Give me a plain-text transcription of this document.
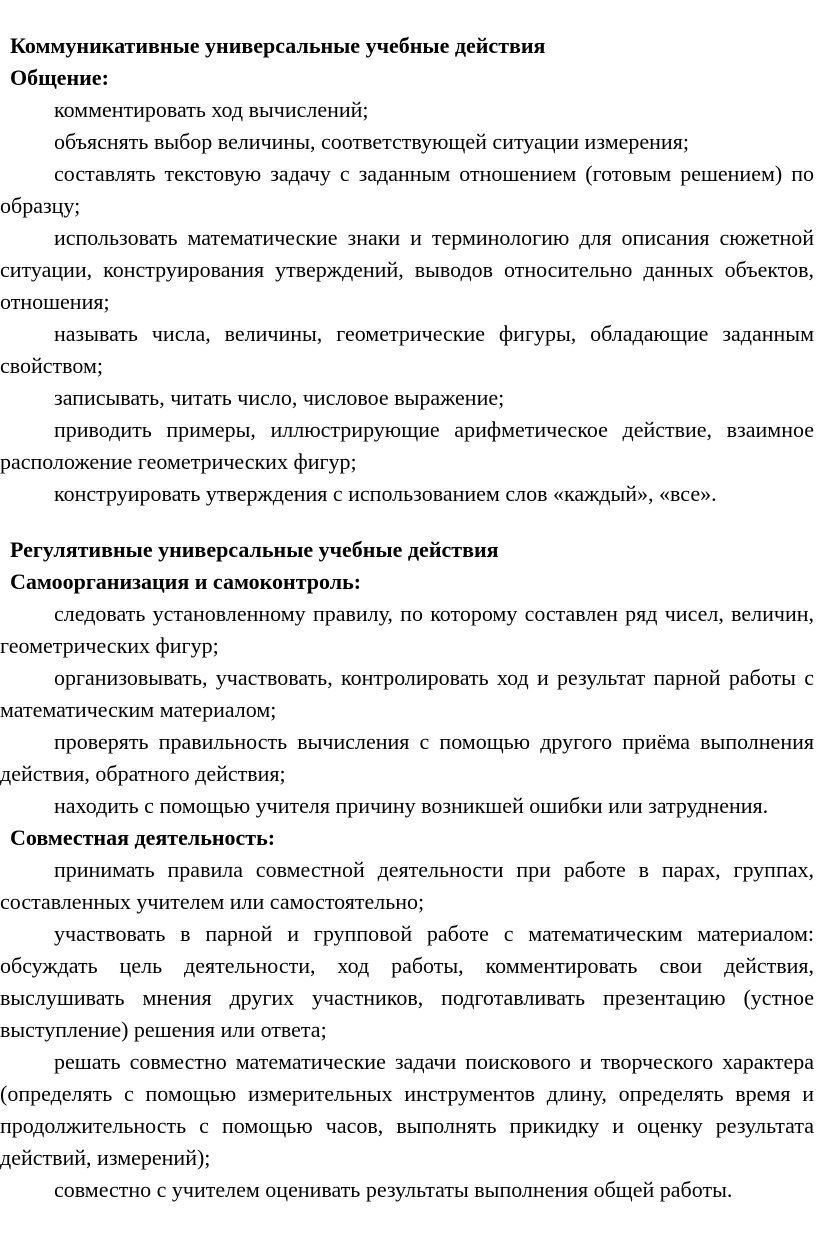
Коммуникативные универсальные учебные действия

Общение:

комментировать ход вычислений;

объяснять выбор величины, соответствующей ситуации измерения;

составлять текстовую задачу с заданным отношением (готовым решением) по образцу;

использовать математические знаки и терминологию для описания сюжетной ситуации, конструирования утверждений, выводов относительно данных объектов, отношения;

называть числа, величины, геометрические фигуры, обладающие заданным свойством;

записывать, читать число, числовое выражение;

приводить примеры, иллюстрирующие арифметическое действие, взаимное расположение геометрических фигур;

конструировать утверждения с использованием слов «каждый», «все».

Регулятивные универсальные учебные действия

Самоорганизация и самоконтроль:

следовать установленному правилу, по которому составлен ряд чисел, величин, геометрических фигур;

организовывать, участвовать, контролировать ход и результат парной работы с математическим материалом;

проверять правильность вычисления с помощью другого приёма выполнения действия, обратного действия;

находить с помощью учителя причину возникшей ошибки или затруднения.

Совместная деятельность:

принимать правила совместной деятельности при работе в парах, группах, составленных учителем или самостоятельно;

участвовать в парной и групповой работе с математическим материалом: обсуждать цель деятельности, ход работы, комментировать свои действия, выслушивать мнения других участников, подготавливать презентацию (устное выступление) решения или ответа;

решать совместно математические задачи поискового и творческого характера (определять с помощью измерительных инструментов длину, определять время и продолжительность с помощью часов, выполнять прикидку и оценку результата действий, измерений);

совместно с учителем оценивать результаты выполнения общей работы.
